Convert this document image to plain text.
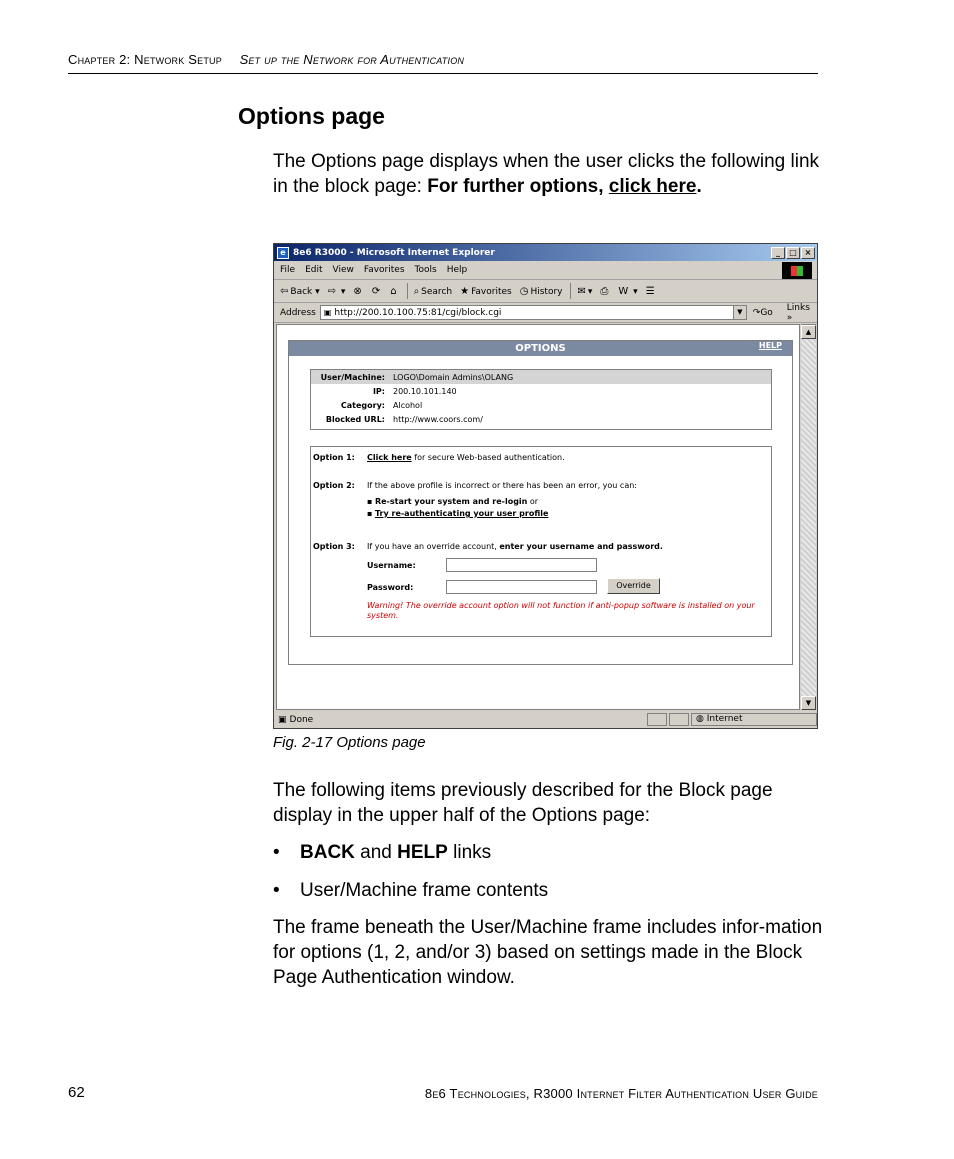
Chapter 2: Network Setup Set up the Network for Authentication
Options page
The Options page displays when the user clicks the following link in the block page: For further options, click here.
e 8e6 R3000 - Microsoft Internet Explorer	_	□ ×
File Edit View Favorites Tools Help
⇦ Back ▾ ⇨ ▾ ⊗ ⟳ ⌂ ⌕ Search ★ Favorites ◷ History ✉ ▾ ⎙ W ▾ ☰
Address ▣ http://200.10.100.75:81/cgi/block.cgi	▼	↷Go Links »
OPTIONS	HELP
User/Machine:	LOGO\Domain Admins\OLANG
IP:	200.10.101.140
Category:	Alcohol
Blocked URL:	http://www.coors.com/
Option 1: Click here for secure Web-based authentication.
Option 2: If the above profile is incorrect or there has been an error, you can:
▪ Re-start your system and re-login or
▪ Try re-authenticating your user profile
Option 3: If you have an override account, enter your username and password.
Username:
Password:	Override
Warning! The override account option will not function if anti-popup software is installed on your system.
▲
▼
▣ Done	◍ Internet
Fig. 2-17 Options page
The following items previously described for the Block page display in the upper half of the Options page:
• BACK and HELP links
• User/Machine frame contents
The frame beneath the User/Machine frame includes infor-mation for options (1, 2, and/or 3) based on settings made in the Block Page Authentication window.
62	8e6 Technologies, R3000 Internet Filter Authentication User Guide
